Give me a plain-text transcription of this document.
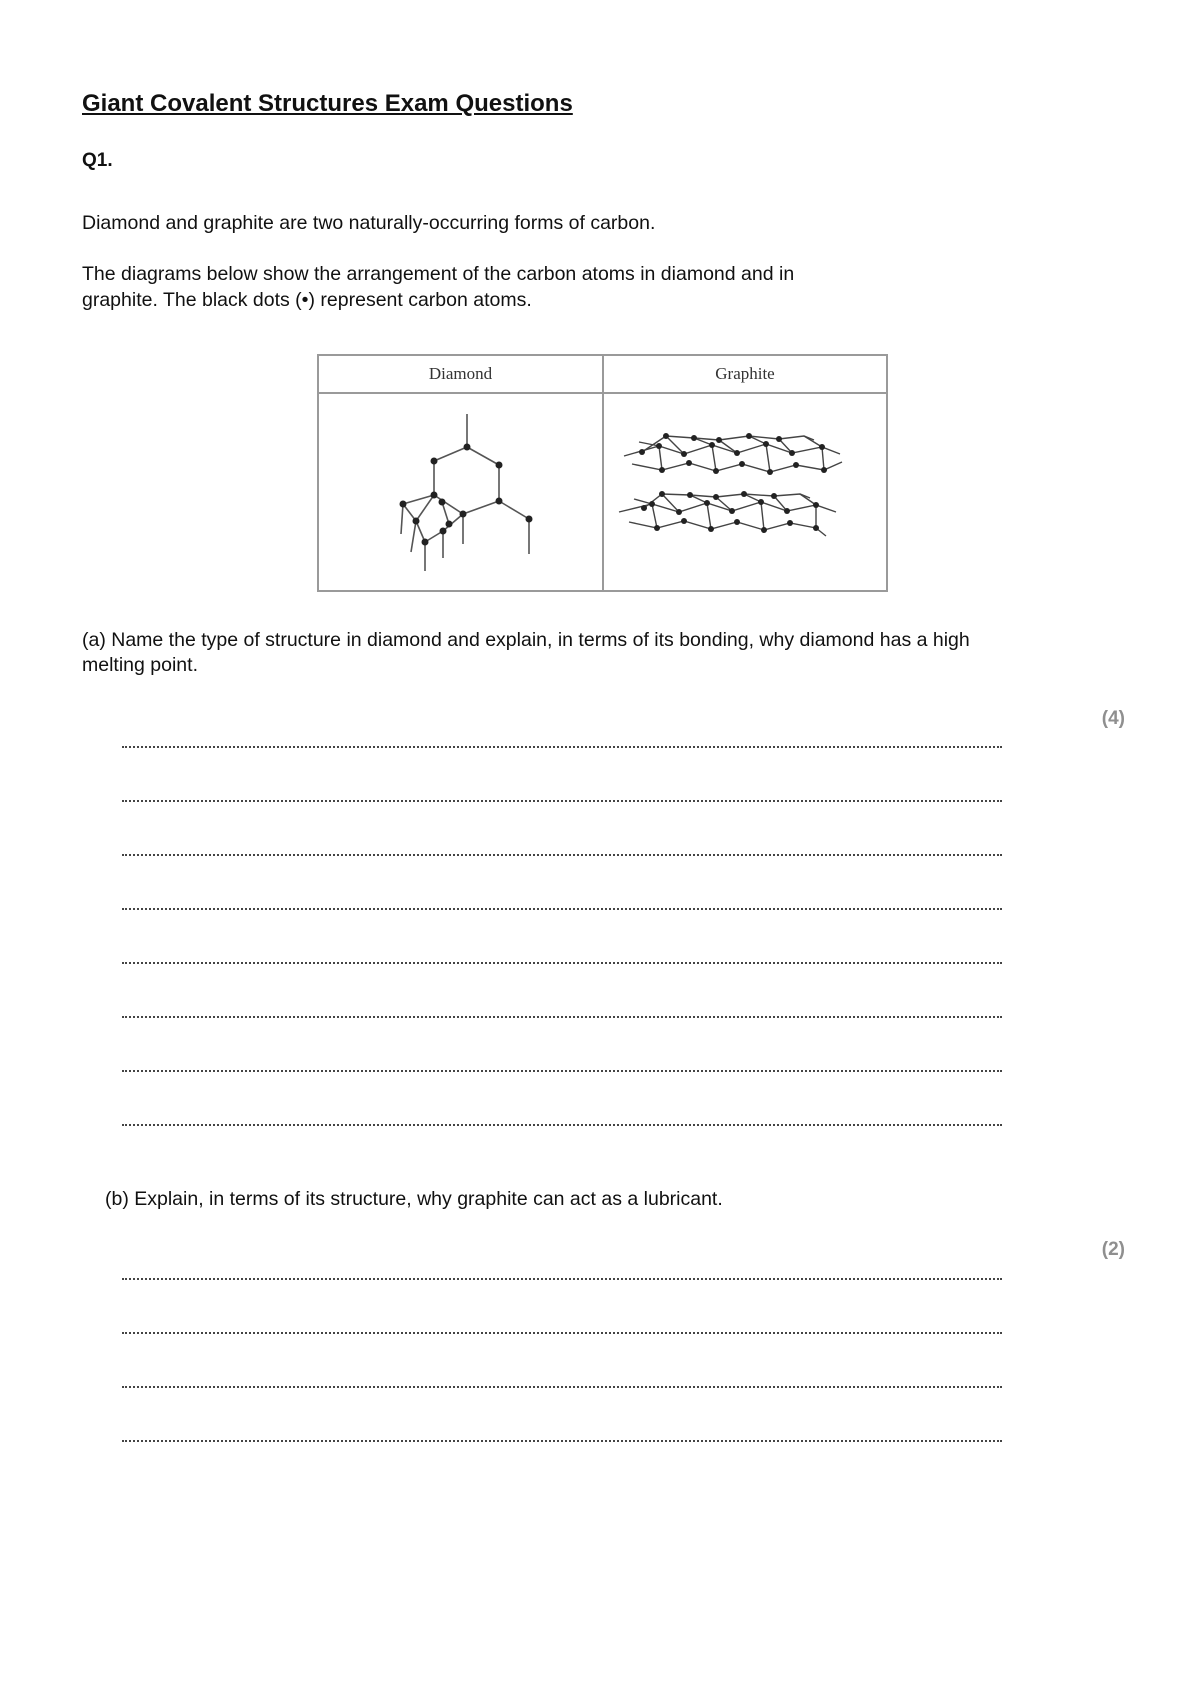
Giant Covalent Structures Exam Questions
Q1.
Diamond and graphite are two naturally-occurring forms of carbon.
The diagrams below show the arrangement of the carbon atoms in diamond and in
graphite. The black dots (•) represent carbon atoms.
Diamond	Graphite
(a) Name the type of structure in diamond and explain, in terms of its bonding, why diamond has a high
melting point.
(4)
(b) Explain, in terms of its structure, why graphite can act as a lubricant.
(2)
